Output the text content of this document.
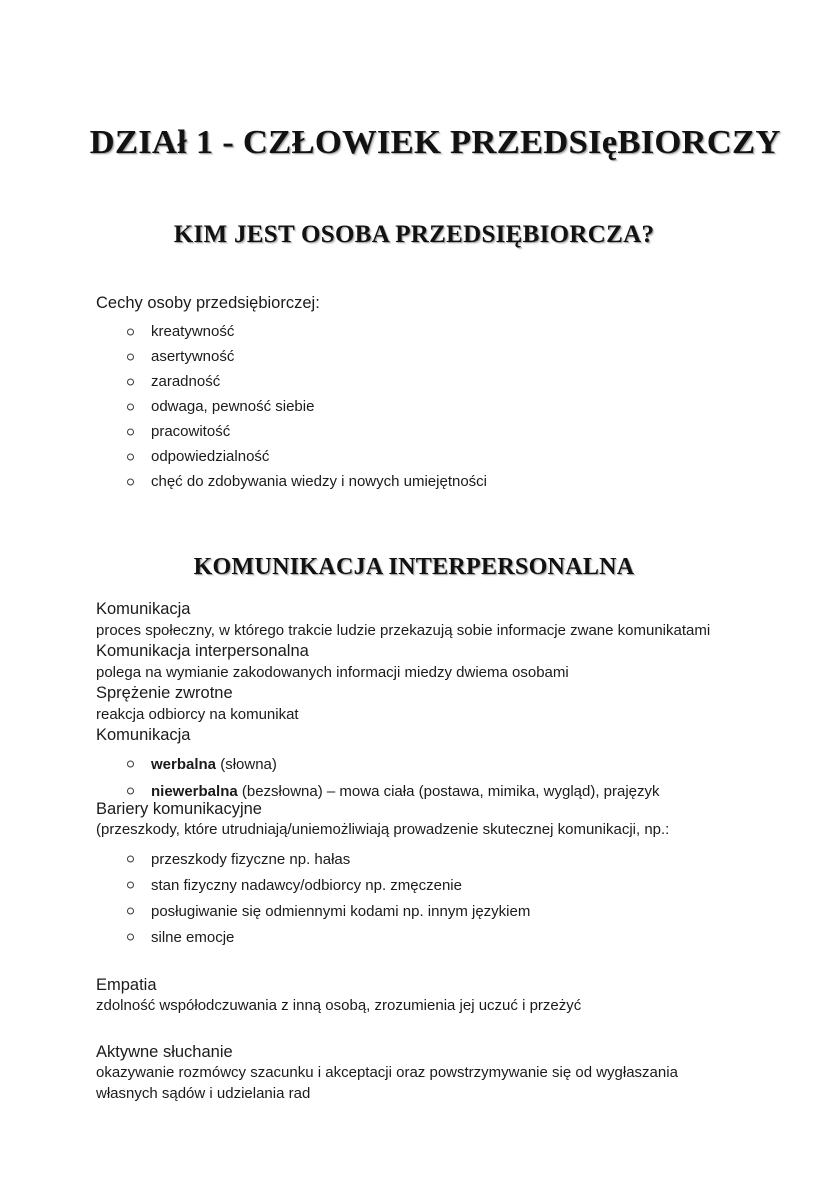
DZIAł 1 - CZŁOWIEK PRZEDSIęBIORCZY
KIM JEST OSOBA PRZEDSIĘBIORCZA?

Cechy osoby przedsiębiorczej:

kreatywność
asertywność
zaradność
odwaga, pewność siebie
pracowitość
odpowiedzialność
chęć do zdobywania wiedzy i nowych umiejętności
KOMUNIKACJA INTERPERSONALNA

Komunikacja

proces społeczny, w którego trakcie ludzie przekazują sobie informacje zwane komunikatami

Komunikacja interpersonalna

polega na wymianie zakodowanych informacji miedzy dwiema osobami

Sprężenie zwrotne

reakcja odbiorcy na komunikat

Komunikacja

werbalna (słowna)
niewerbalna (bezsłowna) – mowa ciała (postawa, mimika, wygląd), prajęzyk

Bariery komunikacyjne

(przeszkody, które utrudniają/uniemożliwiają prowadzenie skutecznej komunikacji, np.:

przeszkody fizyczne np. hałas
stan fizyczny nadawcy/odbiorcy np. zmęczenie
posługiwanie się odmiennymi kodami np. innym językiem
silne emocje

Empatia

zdolność współodczuwania z inną osobą, zrozumienia jej uczuć i przeżyć

Aktywne słuchanie

okazywanie rozmówcy szacunku i akceptacji oraz powstrzymywanie się od wygłaszania

własnych sądów i udzielania rad
